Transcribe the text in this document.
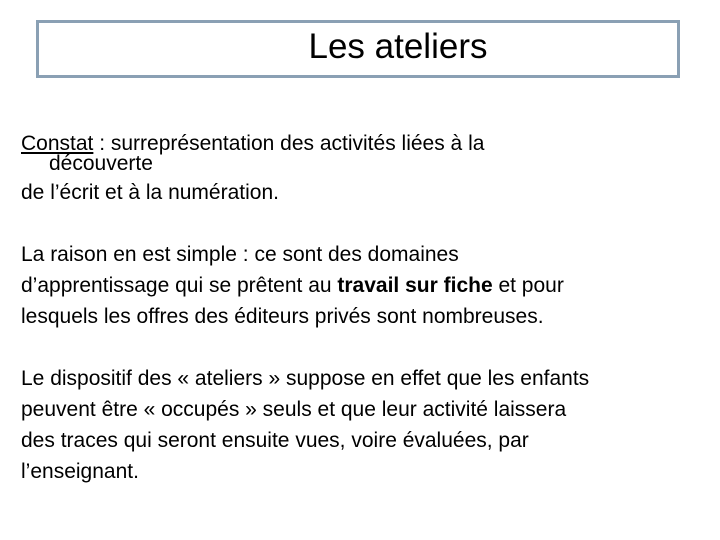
Les ateliers
Constat : surreprésentation des activités liées à la
découverte
de l’écrit et à la numération.
La raison en est simple : ce sont des domaines
d’apprentissage qui se prêtent au travail sur fiche et pour
lesquels les offres des éditeurs privés sont nombreuses.
Le dispositif des « ateliers » suppose en effet que les enfants
peuvent être « occupés » seuls et que leur activité laissera
des traces qui seront ensuite vues, voire évaluées, par
l’enseignant.
